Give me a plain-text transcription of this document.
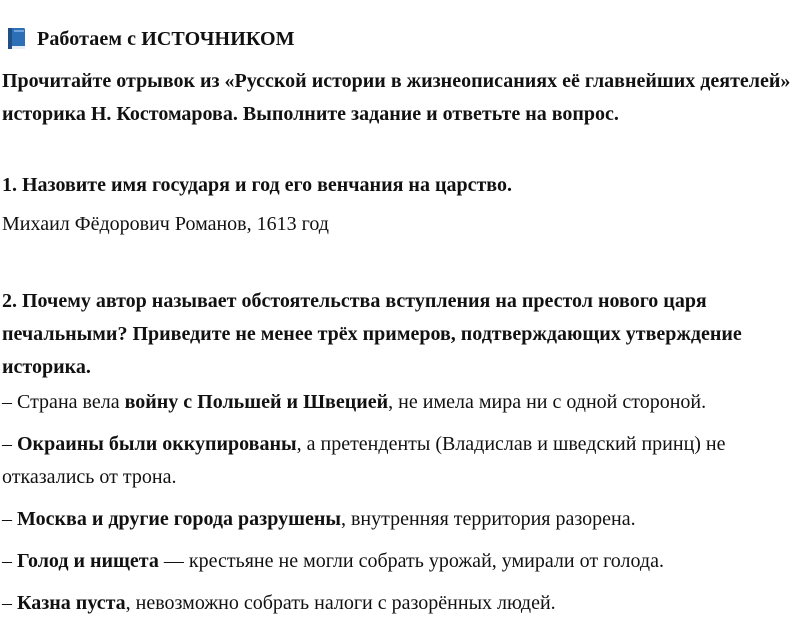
Работаем с ИСТОЧНИКОМ
Прочитайте отрывок из «Русской истории в жизнеописаниях её главнейших деятелей» историка Н. Костомарова. Выполните задание и ответьте на вопрос.
1. Назовите имя государя и год его венчания на царство.
Михаил Фёдорович Романов, 1613 год
2. Почему автор называет обстоятельства вступления на престол нового царя печальными? Приведите не менее трёх примеров, подтверждающих утверждение историка.

– Страна вела войну с Польшей и Швецией, не имела мира ни с одной стороной.

– Окраины были оккупированы, а претенденты (Владислав и шведский принц) не отказались от трона.

– Москва и другие города разрушены, внутренняя территория разорена.

– Голод и нищета — крестьяне не могли собрать урожай, умирали от голода.

– Казна пуста, невозможно собрать налоги с разорённых людей.
